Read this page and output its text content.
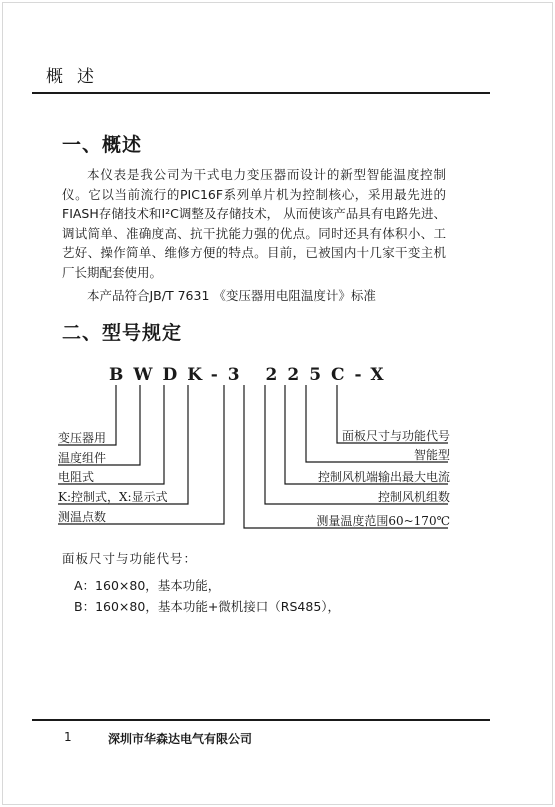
概述
一、概述

本仪表是我公司为干式电力变压器而设计的新型智能温度控制仪。它以当前流行的PIC16F系列单片机为控制核心，采用最先进的FIASH存储技术和I²C调整及存储技术， 从而使该产品具有电路先进、调试简单、准确度高、抗干扰能力强的优点。同时还具有体积小、工艺好、操作简单、维修方便的特点。目前，已被国内十几家干变主机厂长期配套使用。

本产品符合JB/T 7631 《变压器用电阻温度计》标准

二、型号规定
BWDK-3 225C-X
变压器用
温度组件
电阻式
K:控制式，X:显示式
测温点数
面板尺寸与功能代号
智能型
控制风机端输出最大电流
控制风机组数
测量温度范围60~170℃
面板尺寸与功能代号：
A：160×80，基本功能，
B：160×80，基本功能+微机接口（RS485），
1	深圳市华森达电气有限公司
